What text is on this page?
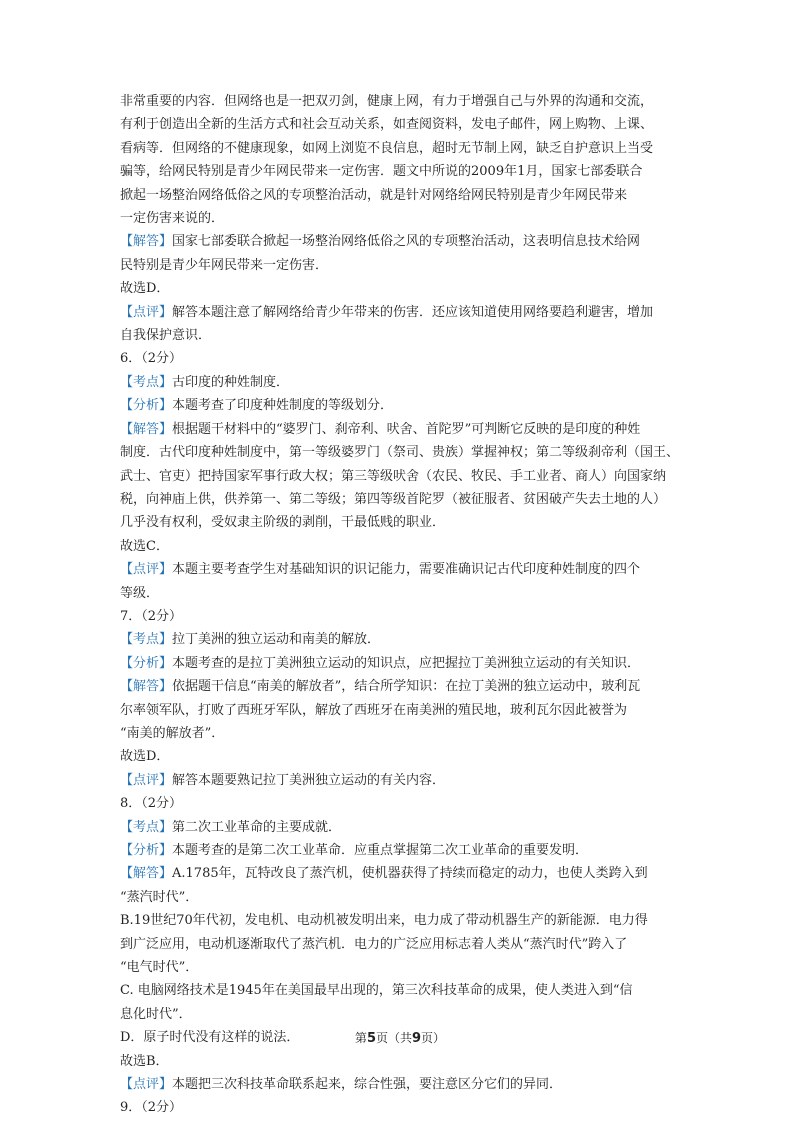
非常重要的内容．但网络也是一把双刃剑，健康上网，有力于增强自己与外界的沟通和交流，

有利于创造出全新的生活方式和社会互动关系，如查阅资料，发电子邮件，网上购物、上课、

看病等．但网络的不健康现象，如网上浏览不良信息，超时无节制上网，缺乏自护意识上当受

骗等，给网民特别是青少年网民带来一定伤害．题文中所说的2009年1月，国家七部委联合

掀起一场整治网络低俗之风的专项整治活动，就是针对网络给网民特别是青少年网民带来

一定伤害来说的．

【解答】国家七部委联合掀起一场整治网络低俗之风的专项整治活动，这表明信息技术给网

民特别是青少年网民带来一定伤害．

故选D．

【点评】解答本题注意了解网络给青少年带来的伤害．还应该知道使用网络要趋利避害，增加

自我保护意识．

6．（2分）

【考点】古印度的种姓制度．

【分析】本题考查了印度种姓制度的等级划分．

【解答】根据题干材料中的“婆罗门、刹帝利、吠舍、首陀罗”可判断它反映的是印度的种姓

制度．古代印度种姓制度中，第一等级婆罗门（祭司、贵族）掌握神权；第二等级刹帝利（国王、

武士、官吏）把持国家军事行政大权；第三等级吠舍（农民、牧民、手工业者、商人）向国家纳

税，向神庙上供，供养第一、第二等级；第四等级首陀罗（被征服者、贫困破产失去土地的人）

几乎没有权利，受奴隶主阶级的剥削，干最低贱的职业．

故选C．

【点评】本题主要考查学生对基础知识的识记能力，需要准确识记古代印度种姓制度的四个

等级．

7．（2分）

【考点】拉丁美洲的独立运动和南美的解放．

【分析】本题考查的是拉丁美洲独立运动的知识点，应把握拉丁美洲独立运动的有关知识．

【解答】依据题干信息“南美的解放者”，结合所学知识：在拉丁美洲的独立运动中，玻利瓦

尔率领军队，打败了西班牙军队，解放了西班牙在南美洲的殖民地，玻利瓦尔因此被誉为

“南美的解放者”．

故选D．

【点评】解答本题要熟记拉丁美洲独立运动的有关内容．

8．（2分）

【考点】第二次工业革命的主要成就．

【分析】本题考查的是第二次工业革命．应重点掌握第二次工业革命的重要发明．

【解答】A.1785年，瓦特改良了蒸汽机，使机器获得了持续而稳定的动力，也使人类跨入到

“蒸汽时代”．

B.19世纪70年代初，发电机、电动机被发明出来，电力成了带动机器生产的新能源．电力得

到广泛应用，电动机逐渐取代了蒸汽机．电力的广泛应用标志着人类从“蒸汽时代”跨入了

“电气时代”．

C. 电脑网络技术是1945年在美国最早出现的，第三次科技革命的成果，使人类进入到“信

息化时代”．

D．原子时代没有这样的说法．

故选B．

【点评】本题把三次科技革命联系起来，综合性强，要注意区分它们的异同．

9．（2分）

第5页（共9页）
